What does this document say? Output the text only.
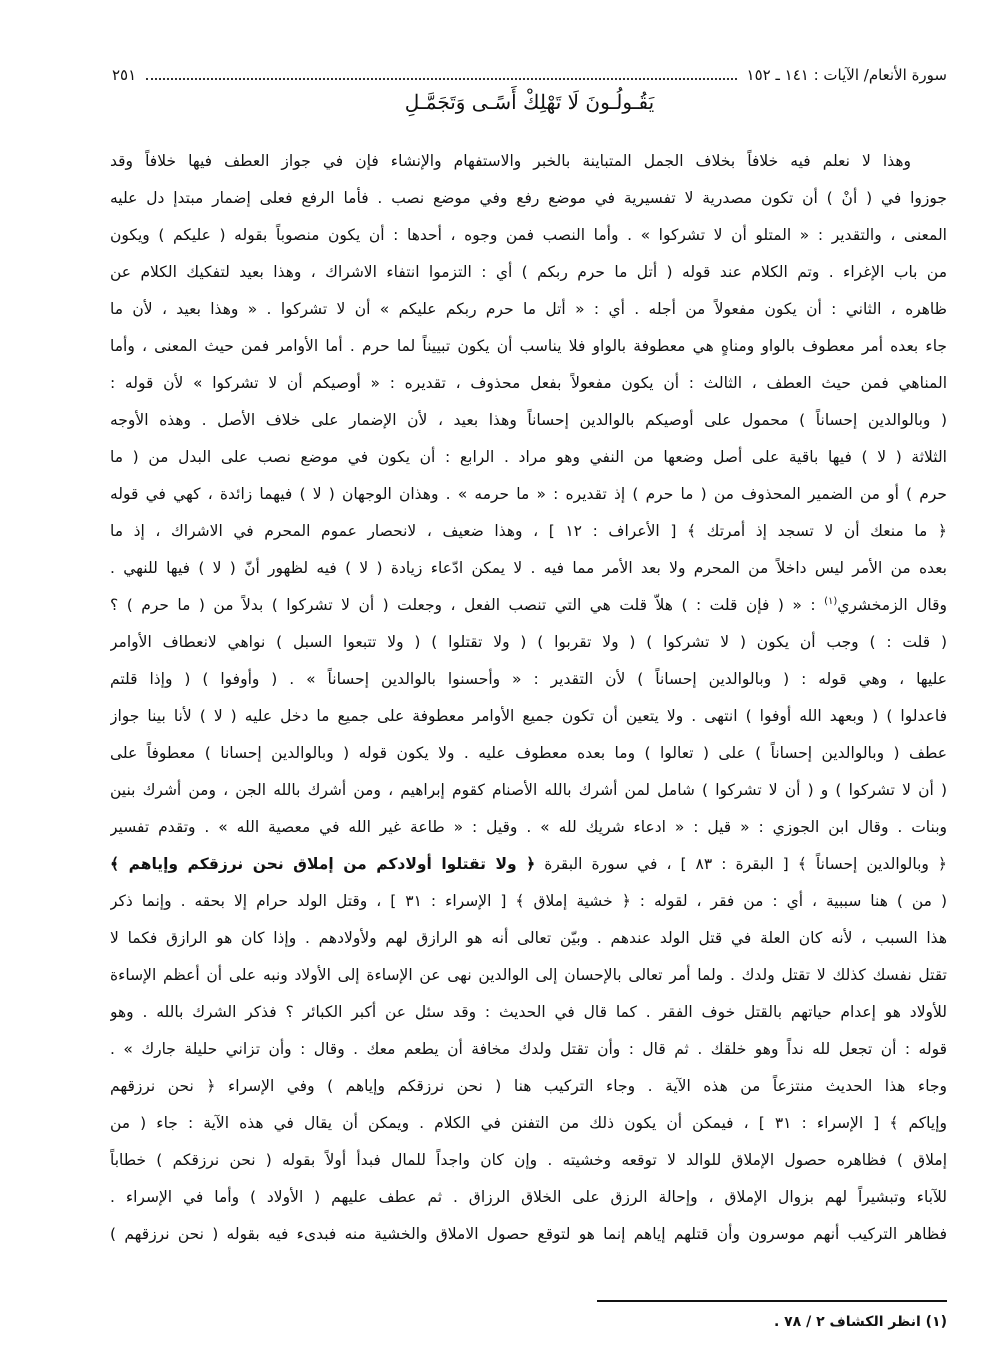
سورة الأنعام/ الآيات : ١٤١ ـ ١٥٢
٢٥١
يَقُـولُـونَ لَا تَهْلِكْ أَسًـى وَتَجَمَّـلِ
وهذا لا نعلم فيه خلافاً بخلاف الجمل المتباينة بالخبر والاستفهام والإنشاء فإن في جواز العطف فيها خلافاً وقد
جوزوا في ( أنْ ) أن تكون مصدرية لا تفسيرية في موضع رفع وفي موضع نصب . فأما الرفع فعلى إضمار مبتدإ دل عليه
المعنى ، والتقدير : « المتلو أن لا تشركوا » . وأما النصب فمن وجوه ، أحدها : أن يكون منصوباً بقوله ( عليكم ) ويكون
من باب الإغراء . وتم الكلام عند قوله ( أتل ما حرم ربكم ) أي : التزموا انتفاء الاشراك ، وهذا بعيد لتفكيك الكلام عن
ظاهره ، الثاني : أن يكون مفعولاً من أجله . أي : « أتل ما حرم ربكم عليكم » أن لا تشركوا . « وهذا بعيد ، لأن ما
جاء بعده أمر معطوف بالواو ومناهٍ هي معطوفة بالواو فلا يناسب أن يكون تبييناً لما حرم . أما الأوامر فمن حيث المعنى ، وأما
المناهي فمن حيث العطف ، الثالث : أن يكون مفعولاً بفعل محذوف ، تقديره : « أوصيكم أن لا تشركوا » لأن قوله :
( وبالوالدين إحساناً ) محمول على أوصيكم بالوالدين إحساناً وهذا بعيد ، لأن الإضمار على خلاف الأصل . وهذه الأوجه
الثلاثة ( لا ) فيها باقية على أصل وضعها من النفي وهو مراد . الرابع : أن يكون في موضع نصب على البدل من ( ما
حرم ) أو من الضمير المحذوف من ( ما حرم ) إذ تقديره : « ما حرمه » . وهذان الوجهان ( لا ) فيهما زائدة ، كهي في قوله
﴿ ما منعك أن لا تسجد إذ أمرتك ﴾ [ الأعراف : ١٢ ] ، وهذا ضعيف ، لانحصار عموم المحرم في الاشراك ، إذ ما
بعده من الأمر ليس داخلاً من المحرم ولا بعد الأمر مما فيه . لا يمكن ادّعاء زيادة ( لا ) فيه لظهور أنّ ( لا ) فيها للنهي .
وقال الزمخشري$^{(١)}$ : « ( فإن قلت : ) هلاّ قلت هي التي تنصب الفعل ، وجعلت ( أن لا تشركوا ) بدلاً من ( ما حرم ) ؟
( قلت : ) وجب أن يكون ( لا تشركوا ) ( ولا تقربوا ) ( ولا تقتلوا ) ( ولا تتبعوا السبل ) نواهي لانعطاف الأوامر
عليها ، وهي قوله : ( وبالوالدين إحساناً ) لأن التقدير : « وأحسنوا بالوالدين إحساناً » . ( وأوفوا ) ( وإذا قلتم
فاعدلوا ) ( وبعهد الله أوفوا ) انتهى . ولا يتعين أن تكون جميع الأوامر معطوفة على جميع ما دخل عليه ( لا ) لأنا بينا جواز
عطف ( وبالوالدين إحساناً ) على ( تعالوا ) وما بعده معطوف عليه . ولا يكون قوله ( وبالوالدين إحسانا ) معطوفاً على
( أن لا تشركوا ) و ( أن لا تشركوا ) شامل لمن أشرك بالله الأصنام كقوم إبراهيم ، ومن أشرك بالله الجن ، ومن أشرك بنين
وبنات . وقال ابن الجوزي : « قيل : « ادعاء شريك لله » . وقيل : « طاعة غير الله في معصية الله » . وتقدم تفسير
﴿ وبالوالدين إحساناً ﴾ [ البقرة : ٨٣ ] ، في سورة البقرة ﴿ ولا تقتلوا أولادكم من إملاق نحن نرزقكم وإياهم ﴾
( من ) هنا سببية ، أي : من فقر ، لقوله : ﴿ خشية إملاق ﴾ [ الإسراء : ٣١ ] ، وقتل الولد حرام إلا بحقه . وإنما ذكر
هذا السبب ، لأنه كان العلة في قتل الولد عندهم . وبيّن تعالى أنه هو الرازق لهم ولأولادهم . وإذا كان هو الرازق فكما لا
تقتل نفسك كذلك لا تقتل ولدك . ولما أمر تعالى بالإحسان إلى الوالدين نهى عن الإساءة إلى الأولاد ونبه على أن أعظم الإساءة
للأولاد هو إعدام حياتهم بالقتل خوف الفقر . كما قال في الحديث : وقد سئل عن أكبر الكبائر ؟ فذكر الشرك بالله . وهو
قوله : أن تجعل لله نداً وهو خلقك . ثم قال : وأن تقتل ولدك مخافة أن يطعم معك . وقال : وأن تزاني حليلة جارك » .
وجاء هذا الحديث منتزعاً من هذه الآية . وجاء التركيب هنا ( نحن نرزقكم وإياهم ) وفي الإسراء ﴿ نحن نرزقهم
وإياكم ﴾ [ الإسراء : ٣١ ] ، فيمكن أن يكون ذلك من التفنن في الكلام . ويمكن أن يقال في هذه الآية : جاء ( من
إملاق ) فظاهره حصول الإملاق للوالد لا توقعه وخشيته . وإن كان واجداً للمال فبدأ أولاً بقوله ( نحن نرزقكم ) خطاباً
للآباء وتبشيراً لهم بزوال الإملاق ، وإحالة الرزق على الخلاق الرزاق . ثم عطف عليهم ( الأولاد ) وأما في الإسراء .
فظاهر التركيب أنهم موسرون وأن قتلهم إياهم إنما هو لتوقع حصول الاملاق والخشية منه فبدىء فيه بقوله ( نحن نرزقهم )
(١) انظر الكشاف ٢ / ٧٨ .
